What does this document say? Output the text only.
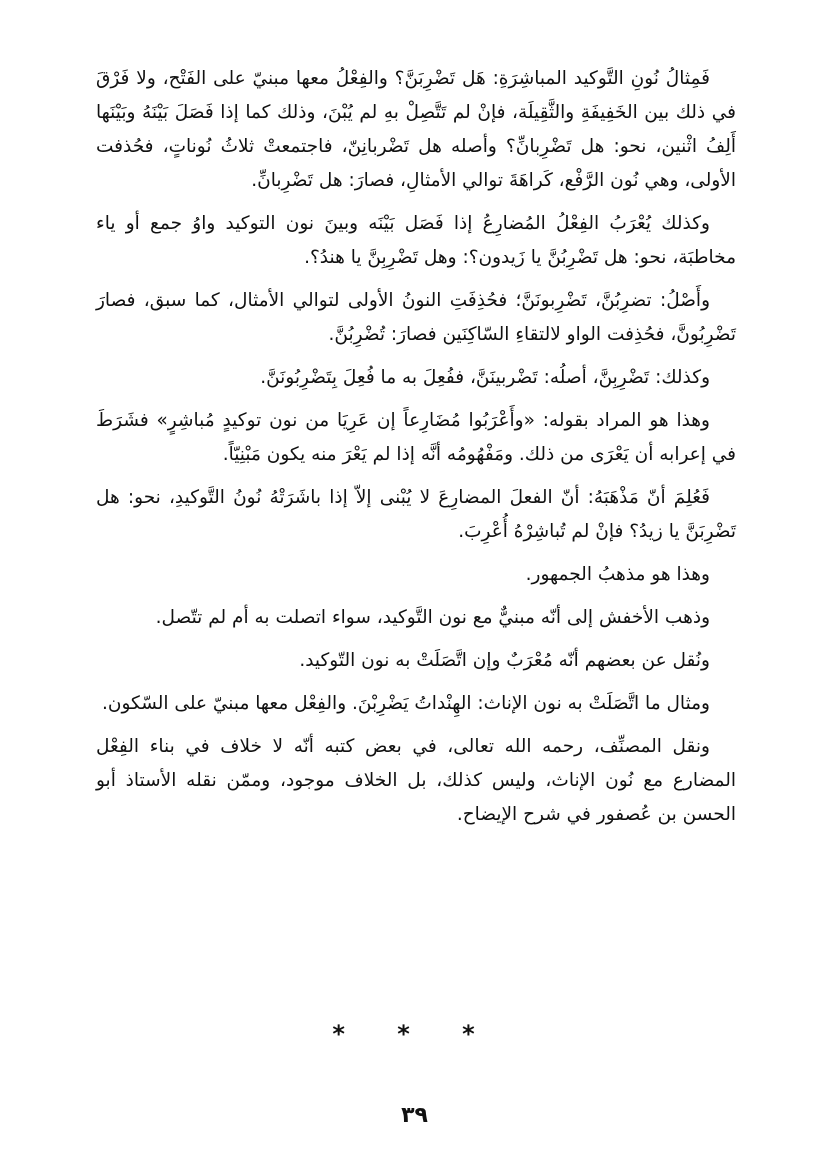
فَمِثالُ نُونِ التَّوكيد المباشِرَةِ: هَل تَضْرِبَنَّ؟ والفِعْلُ معها مبنيّ على الفَتْح، ولا فَرْقَ في ذلك بين الخَفِيفَةِ والثَّقِيلَة، فإنْ لم تَتَّصِلْ بهِ لم يُبْنَ، وذلك كما إذا فَصَلَ بَيْنَهُ وبَيْنَها أَلِفُ اثْنين، نحو: هل تَضْرِبانِّ؟ وأصله هل تَضْربانِنّ، فاجتمعتْ ثلاثُ نُوناتٍ، فحُذفت الأولى، وهي نُون الرَّفْع، كَراهَةَ توالي الأمثالِ، فصارَ: هل تَضْرِبانِّ.

وكذلك يُعْرَبُ الفِعْلُ المُضارِعُ إذا فَصَل بَيْنَه وبينَ نون التوكيد واوُ جمع أو ياء مخاطبَة، نحو: هل تَضْرِبُنَّ يا زَيدون؟: وهل تَضْرِبِنَّ يا هندُ؟.

وأَصْلُ: تضرِبُنَّ، تَضْرِبونَنَّ؛ فحُذِفَتِ النونُ الأولى لتوالي الأمثال، كما سبق، فصارَ تَضْرِبُونَّ، فحُذِفت الواو لالتقاءِ السّاكِنَين فصارَ: تُضْرِبُنَّ.

وكذلك: تَضْرِبِنَّ، أصلُه: تَضْربينَنَّ، ففُعِلَ به ما فُعِلَ بِتَضْرِبُونَنَّ.

وهذا هو المراد بقوله: «وأَعْرَبُوا مُضَارِعاً إن عَرِيَا من نون توكيدٍ مُباشِرٍ» فشَرَطَ في إعرابه أن يَعْرَى من ذلك. ومَفْهُومُه أنَّه إذا لم يَعْرَ منه يكون مَبْنِيّاً.

فَعُلِمَ أنّ مَذْهَبَهُ: أنّ الفعلَ المضارِعَ لا يُبْنى إلاّ إذا باشَرَتْهُ نُونُ التَّوكيدِ، نحو: هل تَضْرِبَنَّ يا زيدُ؟ فإنْ لم تُباشِرْهُ أُعْرِبَ.

وهذا هو مذهبُ الجمهور.

وذهب الأخفش إلى أنّه مبنيٌّ مع نون التَّوكيد، سواء اتصلت به أم لم تتّصل.

ونُقل عن بعضهم أنّه مُعْرَبٌ وإن اتَّصَلَتْ به نون التّوكيد.

ومثال ما اتَّصَلَتْ به نون الإناث: الهِنْداتُ يَضْرِبْنَ. والفِعْل معها مبنيّ على السّكون.

ونقل المصنِّف، رحمه الله تعالى، في بعض كتبه أنّه لا خلاف في بناء الفِعْل المضارع مع نُون الإناث، وليس كذلك، بل الخلاف موجود، وممّن نقله الأستاذ أبو الحسن بن عُصفور في شرح الإيضاح.

* * *
٣٩
